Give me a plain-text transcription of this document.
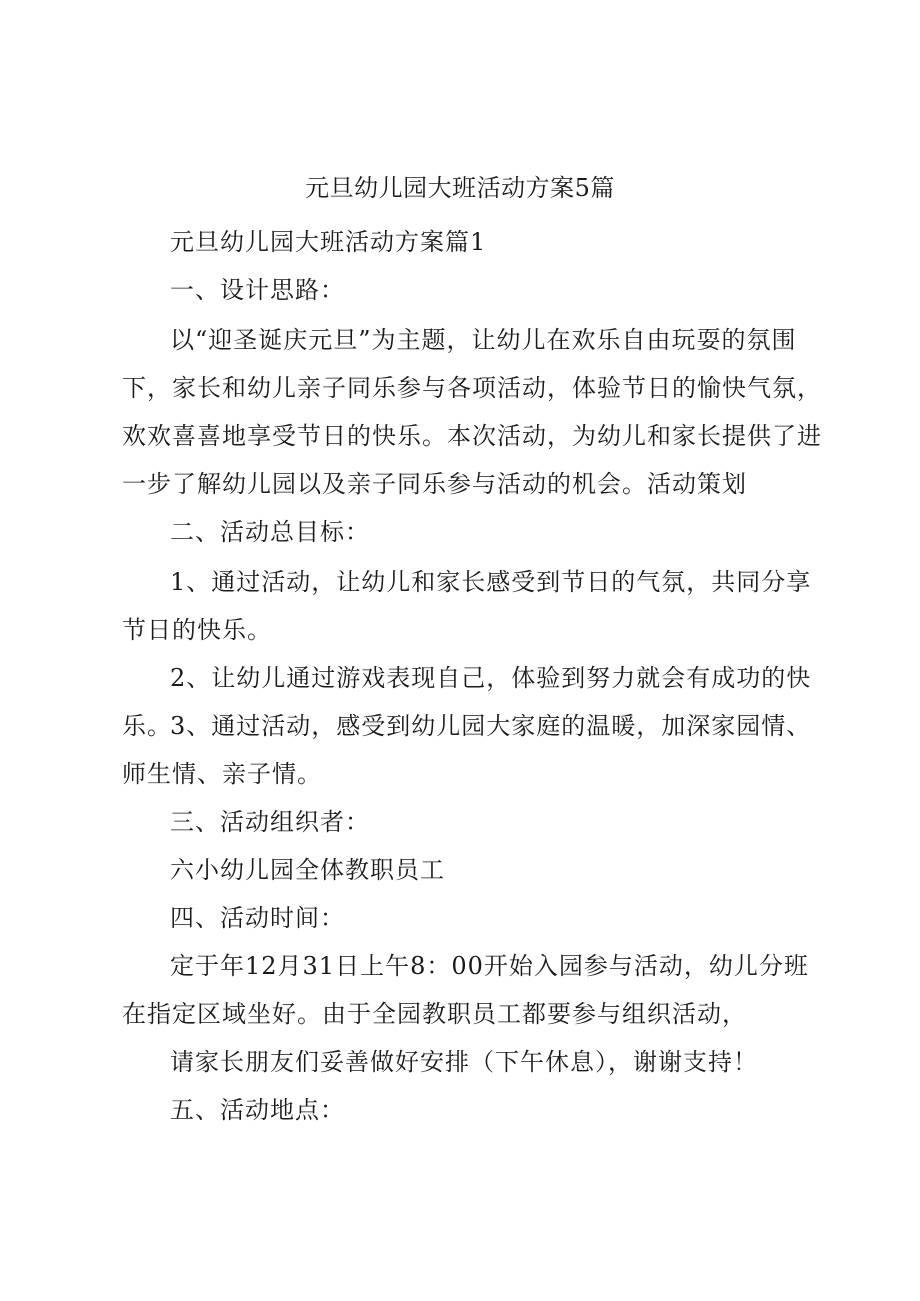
元旦幼儿园大班活动方案5篇
元旦幼儿园大班活动方案篇1
一、设计思路：
以“迎圣诞庆元旦”为主题，让幼儿在欢乐自由玩耍的氛围下，家长和幼儿亲子同乐参与各项活动，体验节日的愉快气氛，欢欢喜喜地享受节日的快乐。本次活动，为幼儿和家长提供了进一步了解幼儿园以及亲子同乐参与活动的机会。活动策划
二、活动总目标：
1、通过活动，让幼儿和家长感受到节日的气氛，共同分享节日的快乐。
2、让幼儿通过游戏表现自己，体验到努力就会有成功的快乐。
3、通过活动，感受到幼儿园大家庭的温暖，加深家园情、师生情、亲子情。
三、活动组织者：
六小幼儿园全体教职员工
四、活动时间：
定于年12月31日上午8：00开始入园参与活动，幼儿分班在指定区域坐好。由于全园教职员工都要参与组织活动，
请家长朋友们妥善做好安排（下午休息），谢谢支持！
五、活动地点：
